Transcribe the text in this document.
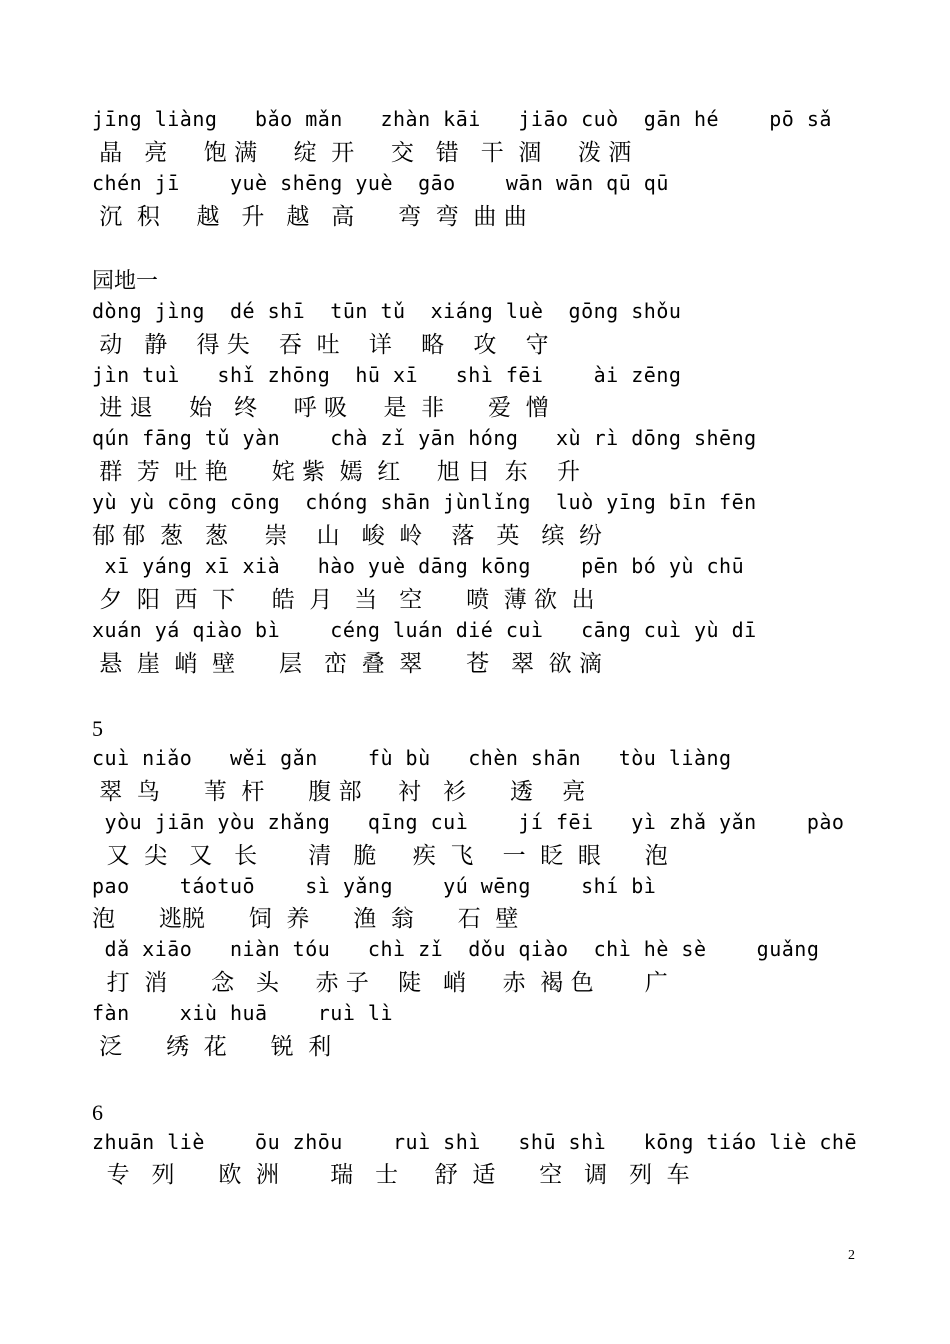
jīng liàng   bǎo mǎn   zhàn kāi   jiāo cuò  gān hé    pō sǎ
晶   亮     饱 满     绽  开     交   错   干  涸     泼 洒
chén jī    yuè shēng yuè  gāo    wān wān qū qū
沉  积     越   升   越   高      弯  弯  曲 曲
园地一
dòng jìng  dé shī  tūn tǔ  xiáng luè  gōng shǒu
动   静    得 失    吞  吐    详    略    攻    守
jìn tuì   shǐ zhōng  hū xī   shì fēi    ài zēng
进 退     始   终     呼 吸     是  非      爱  憎
qún fāng tǔ yàn    chà zǐ yān hóng   xù rì dōng shēng
群  芳  吐 艳      姹 紫  嫣  红     旭 日  东    升
yù yù cōng cōng  chóng shān jùnlǐng  luò yīng bīn fēn
郁 郁  葱   葱     崇    山   峻  岭    落   英   缤  纷
xī yáng xī xià   hào yuè dāng kōng    pēn bó yù chū
夕  阳  西  下     皓  月   当   空      喷  薄 欲  出
xuán yá qiào bì    céng luán dié cuì   cāng cuì yù dī
悬  崖  峭  壁      层   峦  叠  翠      苍   翠  欲 滴
5
cuì niǎo   wěi gǎn    fù bù   chèn shān   tòu liàng
翠  鸟      苇  杆      腹 部     衬   衫      透    亮
yòu jiān yòu zhǎng   qīng cuì    jí fēi   yì zhǎ yǎn    pào
又  尖   又   长       清   脆     疾  飞    一  眨  眼      泡
pao    táotuō    sì yǎng    yú wēng    shí bì
泡      逃脱      饲  养      渔  翁      石  壁
dǎ xiāo   niàn tóu   chì zǐ  dǒu qiào  chì hè sè    guǎng
打  消      念   头     赤 子    陡   峭     赤  褐 色       广
fàn    xiù huā    ruì lì
泛      绣  花      锐  利
6
zhuān liè    ōu zhōu    ruì shì   shū shì   kōng tiáo liè chē
专   列      欧  洲       瑞   士     舒  适      空   调   列  车
2
